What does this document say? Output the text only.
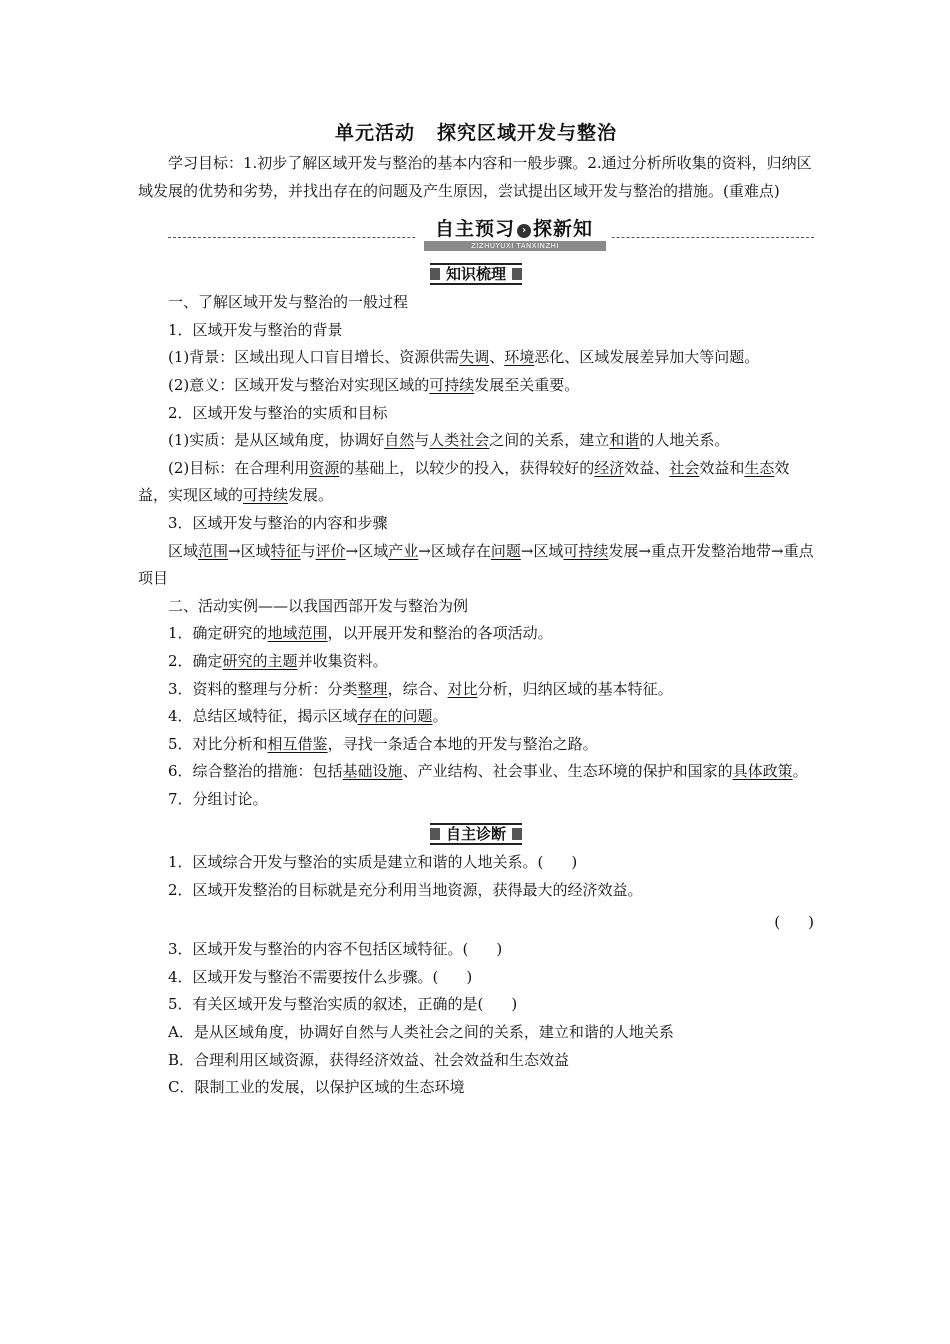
单元活动 探究区域开发与整治

学习目标：1.初步了解区域开发与整治的基本内容和一般步骤。2.通过分析所收集的资料，归纳区域发展的优势和劣势，并找出存在的问题及产生原因，尝试提出区域开发与整治的措施。(重难点)

自主预习 › 探新知
ZIZHUYUXI TANXINZHI
知识梳理

一、了解区域开发与整治的一般过程

1．区域开发与整治的背景

(1)背景：区域出现人口盲目增长、资源供需失调、环境恶化、区域发展差异加大等问题。

(2)意义：区域开发与整治对实现区域的可持续发展至关重要。

2．区域开发与整治的实质和目标

(1)实质：是从区域角度，协调好自然与人类社会之间的关系，建立和谐的人地关系。

(2)目标：在合理利用资源的基础上，以较少的投入，获得较好的经济效益、社会效益和生态效益，实现区域的可持续发展。

3．区域开发与整治的内容和步骤

区域范围→区域特征与评价→区域产业→区域存在问题→区域可持续发展→重点开发整治地带→重点项目

二、活动实例——以我国西部开发与整治为例

1．确定研究的地域范围，以开展开发和整治的各项活动。

2．确定研究的主题并收集资料。

3．资料的整理与分析：分类整理，综合、对比分析，归纳区域的基本特征。

4．总结区域特征，揭示区域存在的问题。

5．对比分析和相互借鉴，寻找一条适合本地的开发与整治之路。

6．综合整治的措施：包括基础设施、产业结构、社会事业、生态环境的保护和国家的具体政策。

7．分组讨论。

自主诊断

1．区域综合开发与整治的实质是建立和谐的人地关系。( )

2．区域开发整治的目标就是充分利用当地资源，获得最大的经济效益。

( )

3．区域开发与整治的内容不包括区域特征。( )

4．区域开发与整治不需要按什么步骤。( )

5．有关区域开发与整治实质的叙述，正确的是( )

A．是从区域角度，协调好自然与人类社会之间的关系，建立和谐的人地关系

B．合理利用区域资源，获得经济效益、社会效益和生态效益

C．限制工业的发展，以保护区域的生态环境
